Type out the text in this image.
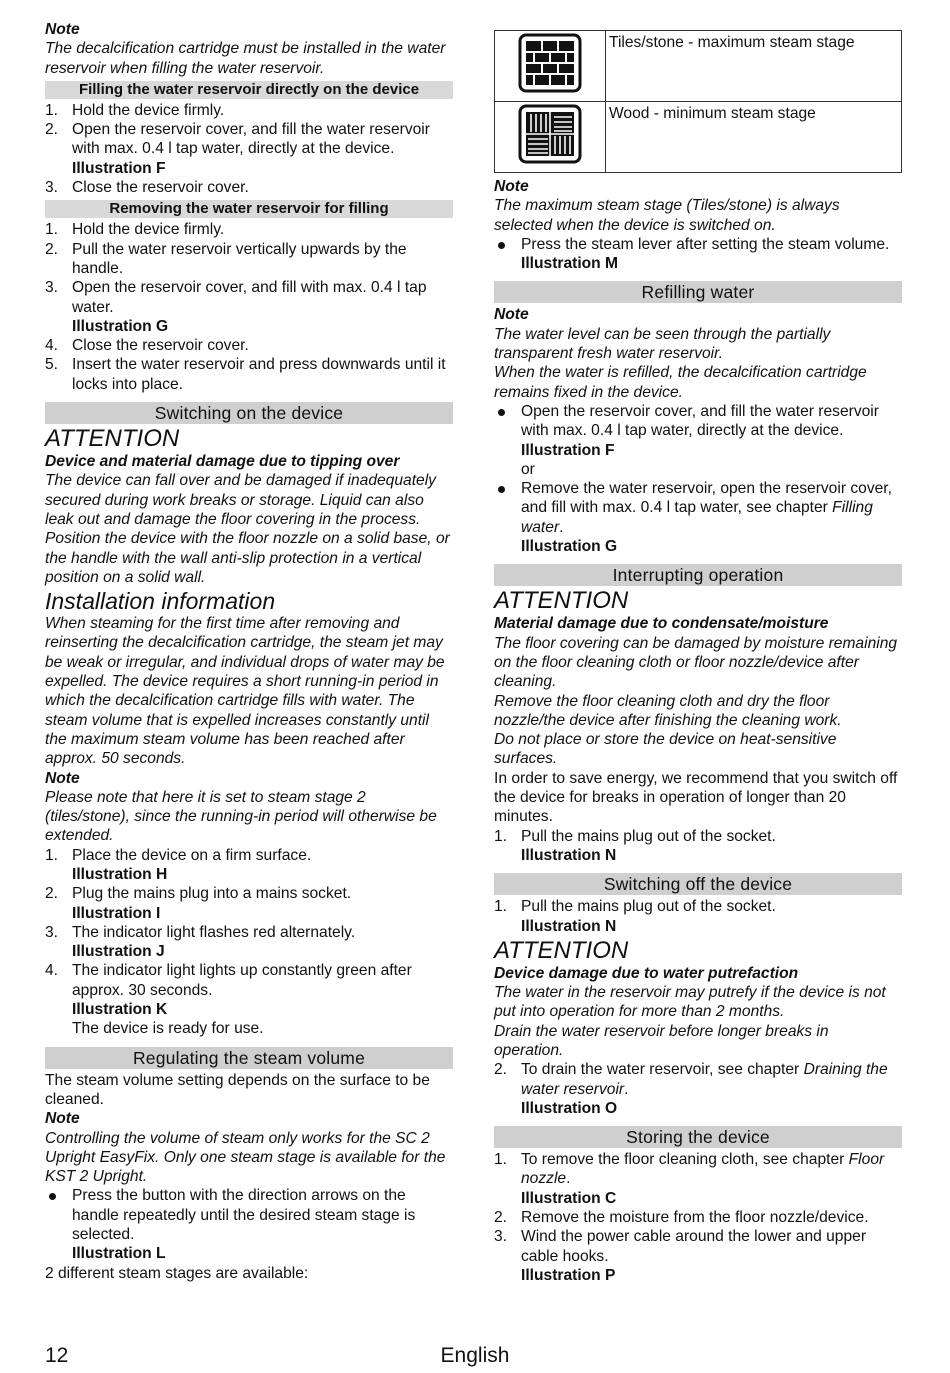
Note

The decalcification cartridge must be installed in the water reservoir when filling the water reservoir.

Filling the water reservoir directly on the device
1. Hold the device firmly.

2. Open the reservoir cover, and fill the water reservoir with max. 0.4 l tap water, directly at the device.

Illustration F

3. Close the reservoir cover.

Removing the water reservoir for filling
1. Hold the device firmly.

2. Pull the water reservoir vertically upwards by the handle.

3. Open the reservoir cover, and fill with max. 0.4 l tap water.

Illustration G

4. Close the reservoir cover.

5. Insert the water reservoir and press downwards until it locks into place.

Switching on the device

ATTENTION

Device and material damage due to tipping over

The device can fall over and be damaged if inadequately secured during work breaks or storage. Liquid can also leak out and damage the floor covering in the process.

Position the device with the floor nozzle on a solid base, or the handle with the wall anti-slip protection in a vertical position on a solid wall.

Installation information

When steaming for the first time after removing and reinserting the decalcification cartridge, the steam jet may be weak or irregular, and individual drops of water may be expelled. The device requires a short running-in period in which the decalcification cartridge fills with water. The steam volume that is expelled increases constantly until the maximum steam volume has been reached after approx. 50 seconds.

Note

Please note that here it is set to steam stage 2 (tiles/stone), since the running-in period will otherwise be extended.

1. Place the device on a firm surface.

Illustration H

2. Plug the mains plug into a mains socket.

Illustration I

3. The indicator light flashes red alternately.

Illustration J

4. The indicator light lights up constantly green after approx. 30 seconds.

Illustration K

The device is ready for use.

Regulating the steam volume

The steam volume setting depends on the surface to be cleaned.

Note

Controlling the volume of steam only works for the SC 2 Upright EasyFix. Only one steam stage is available for the KST 2 Upright.

Press the button with the direction arrows on the handle repeatedly until the desired steam stage is selected.

Illustration L

2 different steam stages are available:

	Tiles/stone - maximum steam stage
	Wood - minimum steam stage

Note

The maximum steam stage (Tiles/stone) is always selected when the device is switched on.

Press the steam lever after setting the steam volume.

Illustration M

Refilling water

Note

The water level can be seen through the partially transparent fresh water reservoir.

When the water is refilled, the decalcification cartridge remains fixed in the device.

Open the reservoir cover, and fill the water reservoir with max. 0.4 l tap water, directly at the device.

Illustration F

or

Remove the water reservoir, open the reservoir cover, and fill with max. 0.4 l tap water, see chapter Filling water.

Illustration G

Interrupting operation

ATTENTION

Material damage due to condensate/moisture

The floor covering can be damaged by moisture remaining on the floor cleaning cloth or floor nozzle/device after cleaning.

Remove the floor cleaning cloth and dry the floor nozzle/the device after finishing the cleaning work.

Do not place or store the device on heat-sensitive surfaces.

In order to save energy, we recommend that you switch off the device for breaks in operation of longer than 20 minutes.

1. Pull the mains plug out of the socket.

Illustration N

Switching off the device
1. Pull the mains plug out of the socket.

Illustration N

ATTENTION

Device damage due to water putrefaction

The water in the reservoir may putrefy if the device is not put into operation for more than 2 months.

Drain the water reservoir before longer breaks in operation.

2. To drain the water reservoir, see chapter Draining the water reservoir.

Illustration O

Storing the device
1. To remove the floor cleaning cloth, see chapter Floor nozzle.

Illustration C

2. Remove the moisture from the floor nozzle/device.

3. Wind the power cable around the lower and upper cable hooks.

Illustration P

12	English
